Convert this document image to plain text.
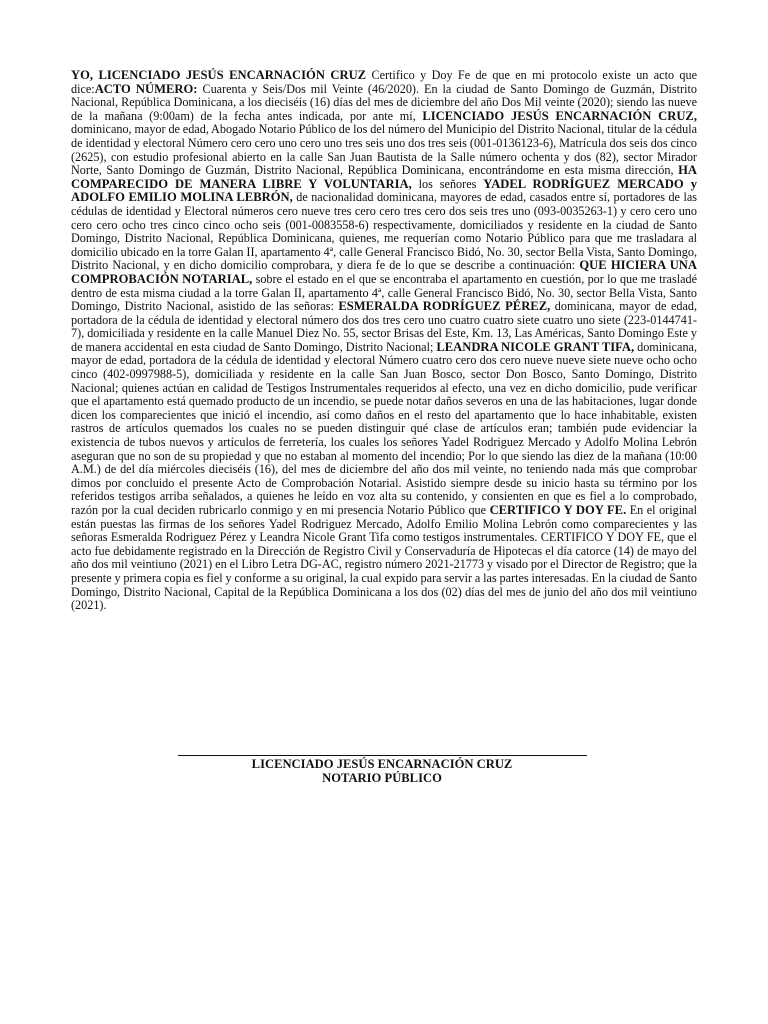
YO, LICENCIADO JESÚS ENCARNACIÓN CRUZ Certifico y Doy Fe de que en mi protocolo existe un acto que dice:ACTO NÚMERO: Cuarenta y Seis/Dos mil Veinte (46/2020). En la ciudad de Santo Domingo de Guzmán, Distrito Nacional, República Dominicana, a los dieciséis (16) días del mes de diciembre del año Dos Mil veinte (2020); siendo las nueve de la mañana (9:00am) de la fecha antes indicada, por ante mí, LICENCIADO JESÚS ENCARNACIÓN CRUZ, dominicano, mayor de edad, Abogado Notario Público de los del número del Municipio del Distrito Nacional, titular de la cédula de identidad y electoral Número cero cero uno cero uno tres seis uno dos tres seis (001-0136123-6), Matrícula dos seis dos cinco (2625), con estudio profesional abierto en la calle San Juan Bautista de la Salle número ochenta y dos (82), sector Mirador Norte, Santo Domingo de Guzmán, Distrito Nacional, República Dominicana, encontrándome en esta misma dirección, HA COMPARECIDO DE MANERA LIBRE Y VOLUNTARIA, los señores YADEL RODRÍGUEZ MERCADO y ADOLFO EMILIO MOLINA LEBRÓN, de nacionalidad dominicana, mayores de edad, casados entre sí, portadores de las cédulas de identidad y Electoral números cero nueve tres cero cero tres cero dos seis tres uno (093-0035263-1) y cero cero uno cero cero ocho tres cinco cinco ocho seis (001-0083558-6) respectivamente, domiciliados y residente en la ciudad de Santo Domingo, Distrito Nacional, República Dominicana, quienes, me requerían como Notario Público para que me trasladara al domicilio ubicado en la torre Galan II, apartamento 4ª, calle General Francisco Bidó, No. 30, sector Bella Vista, Santo Domingo, Distrito Nacional, y en dicho domicilio comprobara, y diera fe de lo que se describe a continuación: QUE HICIERA UNA COMPROBACIÓN NOTARIAL, sobre el estado en el que se encontraba el apartamento en cuestión, por lo que me trasladé dentro de esta misma ciudad a la torre Galan II, apartamento 4ª, calle General Francisco Bidó, No. 30, sector Bella Vista, Santo Domingo, Distrito Nacional, asistido de las señoras: ESMERALDA RODRÍGUEZ PÉREZ, dominicana, mayor de edad, portadora de la cédula de identidad y electoral número dos dos tres cero uno cuatro cuatro siete cuatro uno siete (223-0144741-7), domiciliada y residente en la calle Manuel Diez No. 55, sector Brisas del Este, Km. 13, Las Américas, Santo Domingo Este y de manera accidental en esta ciudad de Santo Domingo, Distrito Nacional; LEANDRA NICOLE GRANT TIFA, dominicana, mayor de edad, portadora de la cédula de identidad y electoral Número cuatro cero dos cero nueve nueve siete nueve ocho ocho cinco (402-0997988-5), domiciliada y residente en la calle San Juan Bosco, sector Don Bosco, Santo Domingo, Distrito Nacional; quienes actúan en calidad de Testigos Instrumentales requeridos al efecto, una vez en dicho domicilio, pude verificar que el apartamento está quemado producto de un incendio, se puede notar daños severos en una de las habitaciones, lugar donde dicen los comparecientes que inició el incendio, así como daños en el resto del apartamento que lo hace inhabitable, existen rastros de artículos quemados los cuales no se pueden distinguir qué clase de artículos eran; también pude evidenciar la existencia de tubos nuevos y artículos de ferretería, los cuales los señores Yadel Rodriguez Mercado y Adolfo Molina Lebrón aseguran que no son de su propiedad y que no estaban al momento del incendio; Por lo que siendo las diez de la mañana (10:00 A.M.) de del día miércoles dieciséis (16), del mes de diciembre del año dos mil veinte, no teniendo nada más que comprobar dimos por concluido el presente Acto de Comprobación Notarial. Asistido siempre desde su inicio hasta su término por los referidos testigos arriba señalados, a quienes he leído en voz alta su contenido, y consienten en que es fiel a lo comprobado, razón por la cual deciden rubricarlo conmigo y en mi presencia Notario Público que CERTIFICO Y DOY FE. En el original están puestas las firmas de los señores Yadel Rodriguez Mercado, Adolfo Emilio Molina Lebrón como comparecientes y las señoras Esmeralda Rodriguez Pérez y Leandra Nicole Grant Tifa como testigos instrumentales. CERTIFICO Y DOY FE, que el acto fue debidamente registrado en la Dirección de Registro Civil y Conservaduría de Hipotecas el día catorce (14) de mayo del año dos mil veintiuno (2021) en el Libro Letra DG-AC, registro número 2021-21773 y visado por el Director de Registro; que la presente y primera copia es fiel y conforme a su original, la cual expido para servir a las partes interesadas. En la ciudad de Santo Domingo, Distrito Nacional, Capital de la República Dominicana a los dos (02) días del mes de junio del año dos mil veintiuno (2021).

LICENCIADO JESÚS ENCARNACIÓN CRUZ
NOTARIO PÚBLICO
